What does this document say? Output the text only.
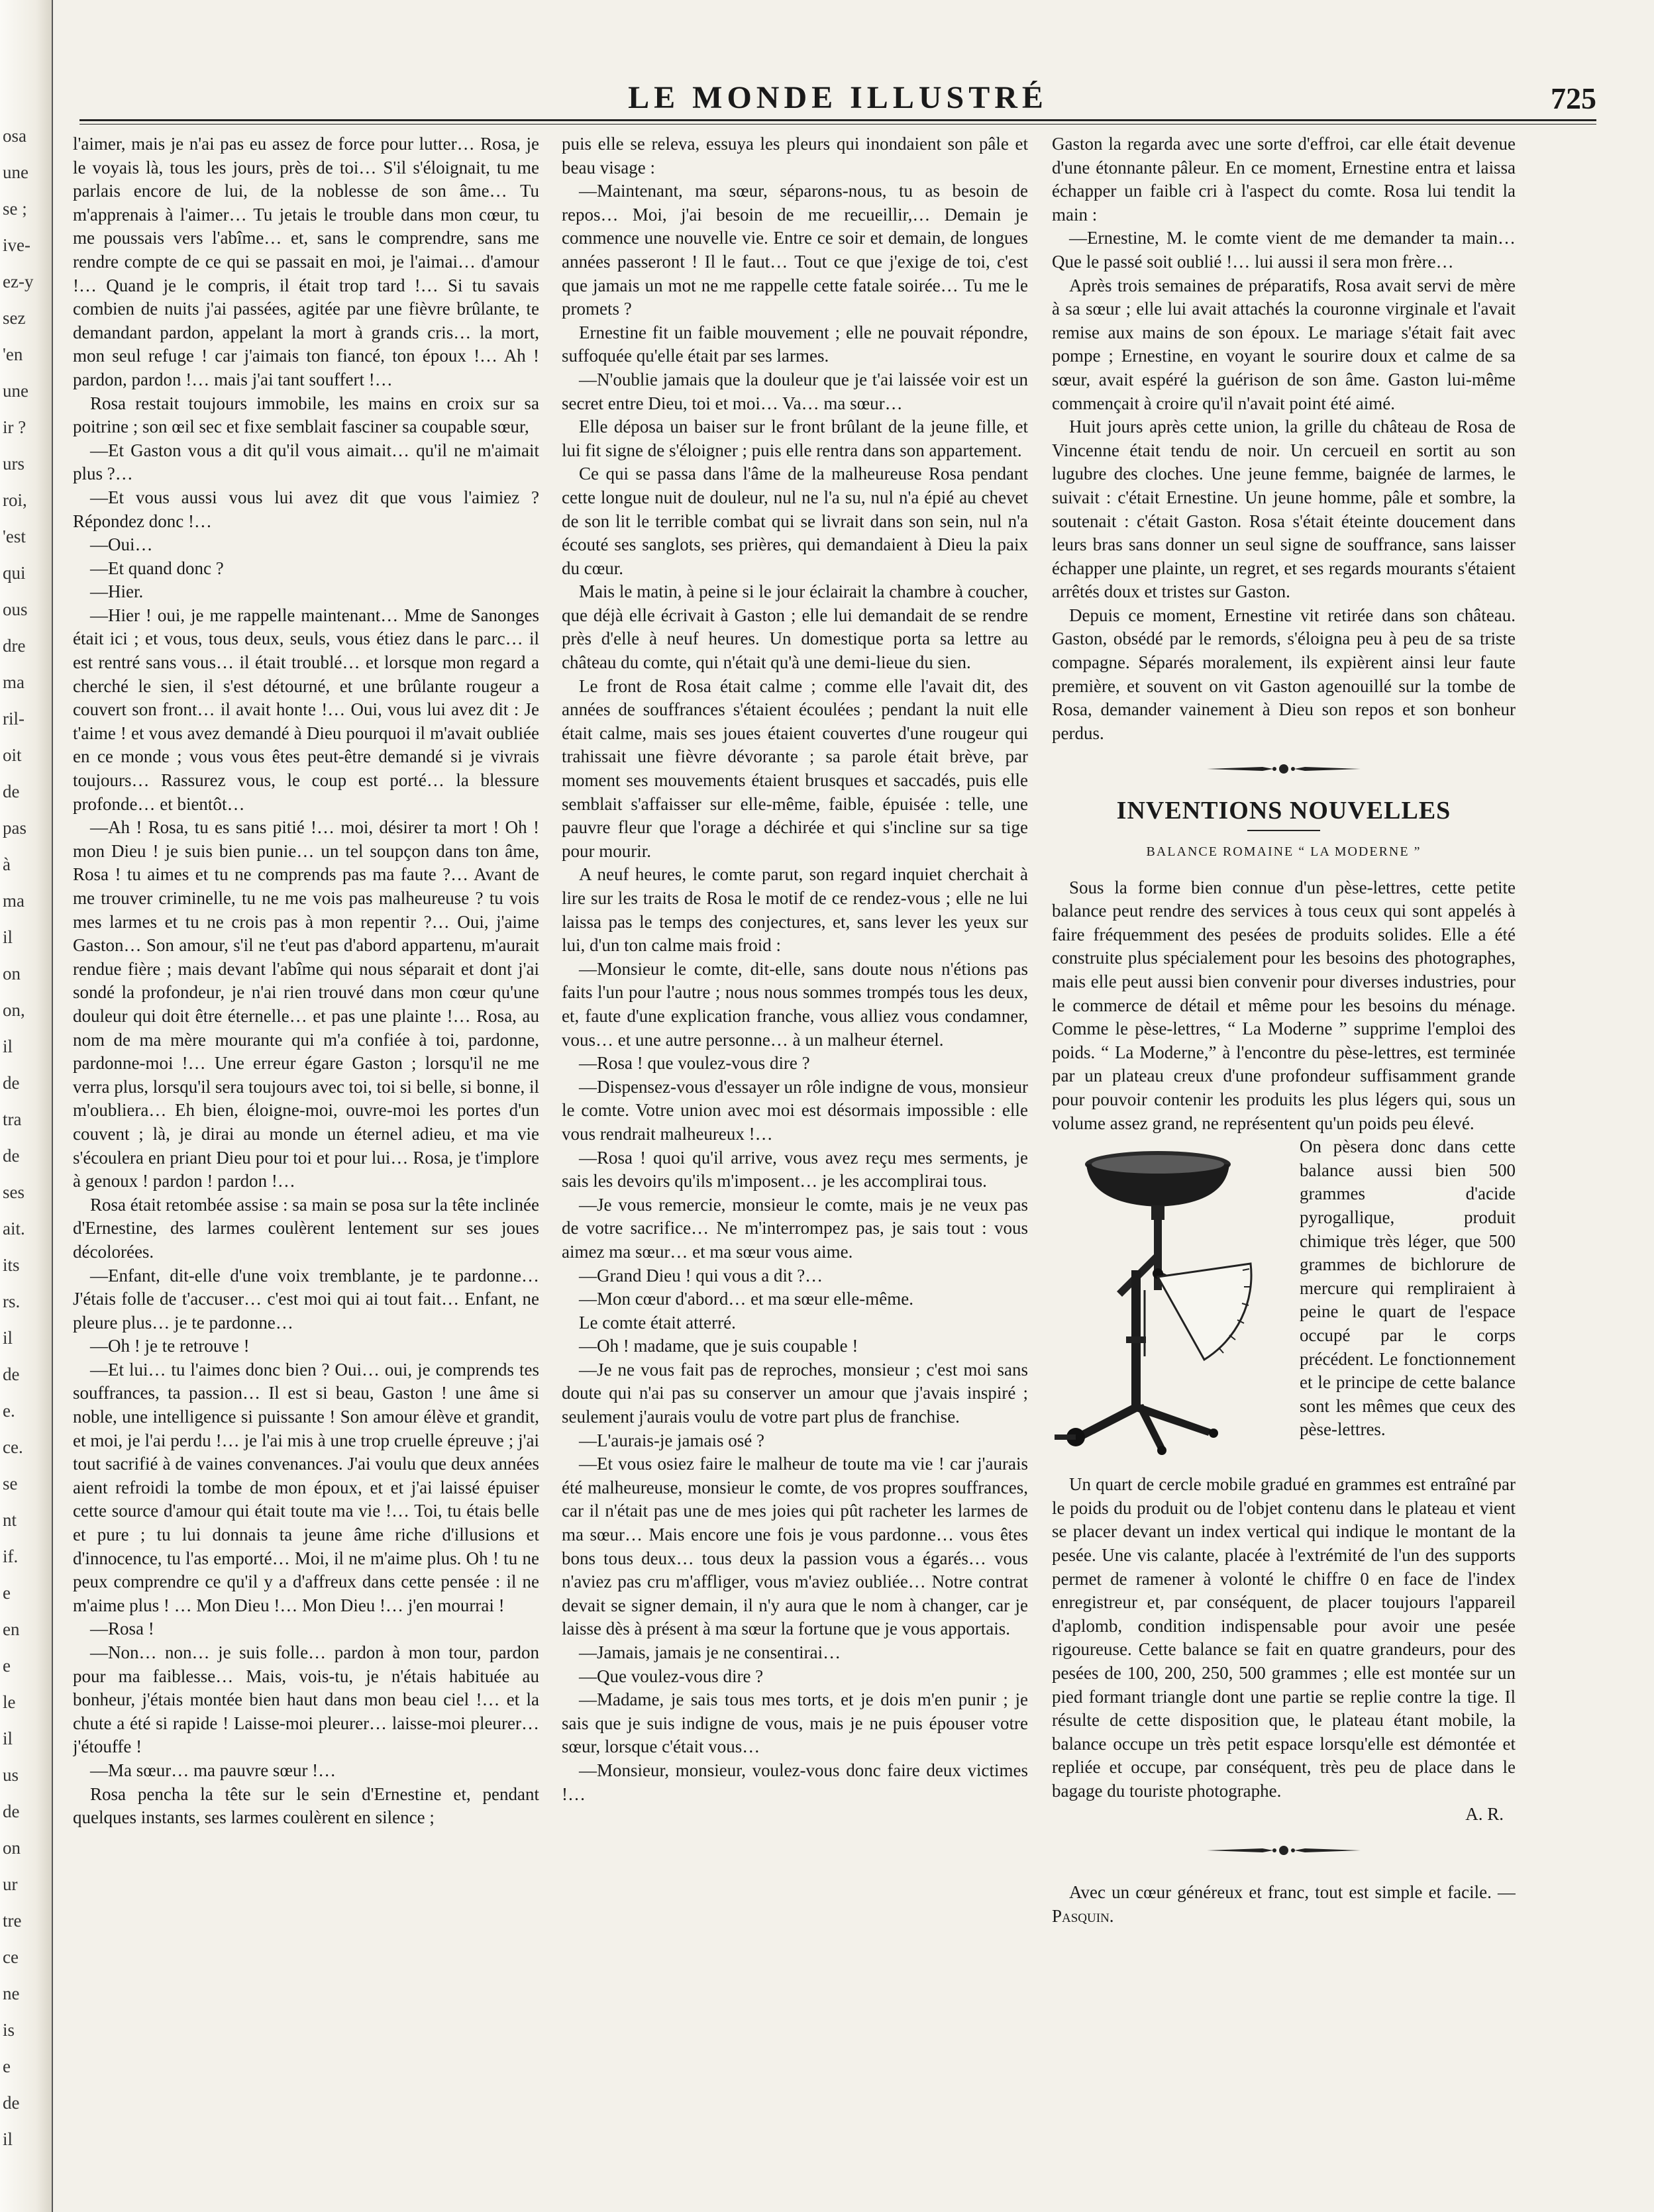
osa
une
se ;
ive-
ez-y
sez
'en
une
ir ?
urs
roi,
'est
qui
ous
dre
ma
ril-
oit
de
pas
à
ma
il
on
on,
il
de
tra
de
ses
ait.
its
rs.
il
de
e.
ce.
se
nt
if.
e
en
e
le
il
us
de
on
ur
tre
ce
ne
is
e
de
il
LE MONDE ILLUSTRÉ	725

l'aimer, mais je n'ai pas eu assez de force pour lutter… Rosa, je le voyais là, tous les jours, près de toi… S'il s'éloignait, tu me parlais encore de lui, de la noblesse de son âme… Tu m'apprenais à l'aimer… Tu jetais le trouble dans mon cœur, tu me poussais vers l'abîme… et, sans le comprendre, sans me rendre compte de ce qui se passait en moi, je l'aimai… d'amour !… Quand je le compris, il était trop tard !… Si tu savais combien de nuits j'ai passées, agitée par une fièvre brûlante, te demandant pardon, appelant la mort à grands cris… la mort, mon seul refuge ! car j'aimais ton fiancé, ton époux !… Ah ! pardon, pardon !… mais j'ai tant souffert !…

Rosa restait toujours immobile, les mains en croix sur sa poitrine ; son œil sec et fixe semblait fasciner sa coupable sœur,

—Et Gaston vous a dit qu'il vous aimait… qu'il ne m'aimait plus ?…

—Et vous aussi vous lui avez dit que vous l'aimiez ? Répondez donc !…

—Oui…

—Et quand donc ?

—Hier.

—Hier ! oui, je me rappelle maintenant… Mme de Sanonges était ici ; et vous, tous deux, seuls, vous étiez dans le parc… il est rentré sans vous… il était troublé… et lorsque mon regard a cherché le sien, il s'est détourné, et une brûlante rougeur a couvert son front… il avait honte !… Oui, vous lui avez dit : Je t'aime ! et vous avez demandé à Dieu pourquoi il m'avait oubliée en ce monde ; vous vous êtes peut-être demandé si je vivrais toujours… Rassurez vous, le coup est porté… la blessure profonde… et bientôt…

—Ah ! Rosa, tu es sans pitié !… moi, désirer ta mort ! Oh ! mon Dieu ! je suis bien punie… un tel soupçon dans ton âme, Rosa ! tu aimes et tu ne comprends pas ma faute ?… Avant de me trouver criminelle, tu ne me vois pas malheureuse ? tu vois mes larmes et tu ne crois pas à mon repentir ?… Oui, j'aime Gaston… Son amour, s'il ne t'eut pas d'abord appartenu, m'aurait rendue fière ; mais devant l'abîme qui nous séparait et dont j'ai sondé la profondeur, je n'ai rien trouvé dans mon cœur qu'une douleur qui doit être éternelle… et pas une plainte !… Rosa, au nom de ma mère mourante qui m'a confiée à toi, pardonne, pardonne-moi !… Une erreur égare Gaston ; lorsqu'il ne me verra plus, lorsqu'il sera toujours avec toi, toi si belle, si bonne, il m'oubliera… Eh bien, éloigne-moi, ouvre-moi les portes d'un couvent ; là, je dirai au monde un éternel adieu, et ma vie s'écoulera en priant Dieu pour toi et pour lui… Rosa, je t'implore à genoux ! pardon ! pardon !…

Rosa était retombée assise : sa main se posa sur la tête inclinée d'Ernestine, des larmes coulèrent lentement sur ses joues décolorées.

—Enfant, dit-elle d'une voix tremblante, je te pardonne… J'étais folle de t'accuser… c'est moi qui ai tout fait… Enfant, ne pleure plus… je te pardonne…

—Oh ! je te retrouve !

—Et lui… tu l'aimes donc bien ? Oui… oui, je comprends tes souffrances, ta passion… Il est si beau, Gaston ! une âme si noble, une intelligence si puissante ! Son amour élève et grandit, et moi, je l'ai perdu !… je l'ai mis à une trop cruelle épreuve ; j'ai tout sacrifié à de vaines convenances. J'ai voulu que deux années aient refroidi la tombe de mon époux, et et j'ai laissé épuiser cette source d'amour qui était toute ma vie !… Toi, tu étais belle et pure ; tu lui donnais ta jeune âme riche d'illusions et d'innocence, tu l'as emporté… Moi, il ne m'aime plus. Oh ! tu ne peux comprendre ce qu'il y a d'affreux dans cette pensée : il ne m'aime plus ! … Mon Dieu !… Mon Dieu !… j'en mourrai !

—Rosa !

—Non… non… je suis folle… pardon à mon tour, pardon pour ma faiblesse… Mais, vois-tu, je n'étais habituée au bonheur, j'étais montée bien haut dans mon beau ciel !… et la chute a été si rapide ! Laisse-moi pleurer… laisse-moi pleurer… j'étouffe !

—Ma sœur… ma pauvre sœur !…

Rosa pencha la tête sur le sein d'Ernestine et, pendant quelques instants, ses larmes coulèrent en silence ;

puis elle se releva, essuya les pleurs qui inondaient son pâle et beau visage :

—Maintenant, ma sœur, séparons-nous, tu as besoin de repos… Moi, j'ai besoin de me recueillir,… Demain je commence une nouvelle vie. Entre ce soir et demain, de longues années passeront ! Il le faut… Tout ce que j'exige de toi, c'est que jamais un mot ne me rappelle cette fatale soirée… Tu me le promets ?

Ernestine fit un faible mouvement ; elle ne pouvait répondre, suffoquée qu'elle était par ses larmes.

—N'oublie jamais que la douleur que je t'ai laissée voir est un secret entre Dieu, toi et moi… Va… ma sœur…

Elle déposa un baiser sur le front brûlant de la jeune fille, et lui fit signe de s'éloigner ; puis elle rentra dans son appartement.

Ce qui se passa dans l'âme de la malheureuse Rosa pendant cette longue nuit de douleur, nul ne l'a su, nul n'a épié au chevet de son lit le terrible combat qui se livrait dans son sein, nul n'a écouté ses sanglots, ses prières, qui demandaient à Dieu la paix du cœur.

Mais le matin, à peine si le jour éclairait la chambre à coucher, que déjà elle écrivait à Gaston ; elle lui demandait de se rendre près d'elle à neuf heures. Un domestique porta sa lettre au château du comte, qui n'était qu'à une demi-lieue du sien.

Le front de Rosa était calme ; comme elle l'avait dit, des années de souffrances s'étaient écoulées ; pendant la nuit elle était calme, mais ses joues étaient couvertes d'une rougeur qui trahissait une fièvre dévorante ; sa parole était brève, par moment ses mouvements étaient brusques et saccadés, puis elle semblait s'affaisser sur elle-même, faible, épuisée : telle, une pauvre fleur que l'orage a déchirée et qui s'incline sur sa tige pour mourir.

A neuf heures, le comte parut, son regard inquiet cherchait à lire sur les traits de Rosa le motif de ce rendez-vous ; elle ne lui laissa pas le temps des conjectures, et, sans lever les yeux sur lui, d'un ton calme mais froid :

—Monsieur le comte, dit-elle, sans doute nous n'étions pas faits l'un pour l'autre ; nous nous sommes trompés tous les deux, et, faute d'une explication franche, vous alliez vous condamner, vous… et une autre personne… à un malheur éternel.

—Rosa ! que voulez-vous dire ?

—Dispensez-vous d'essayer un rôle indigne de vous, monsieur le comte. Votre union avec moi est désormais impossible : elle vous rendrait malheureux !…

—Rosa ! quoi qu'il arrive, vous avez reçu mes serments, je sais les devoirs qu'ils m'imposent… je les accomplirai tous.

—Je vous remercie, monsieur le comte, mais je ne veux pas de votre sacrifice… Ne m'interrompez pas, je sais tout : vous aimez ma sœur… et ma sœur vous aime.

—Grand Dieu ! qui vous a dit ?…

—Mon cœur d'abord… et ma sœur elle-même.

Le comte était atterré.

—Oh ! madame, que je suis coupable !

—Je ne vous fait pas de reproches, monsieur ; c'est moi sans doute qui n'ai pas su conserver un amour que j'avais inspiré ; seulement j'aurais voulu de votre part plus de franchise.

—L'aurais-je jamais osé ?

—Et vous osiez faire le malheur de toute ma vie ! car j'aurais été malheureuse, monsieur le comte, de vos propres souffrances, car il n'était pas une de mes joies qui pût racheter les larmes de ma sœur… Mais encore une fois je vous pardonne… vous êtes bons tous deux… tous deux la passion vous a égarés… vous n'aviez pas cru m'affliger, vous m'aviez oubliée… Notre contrat devait se signer demain, il n'y aura que le nom à changer, car je laisse dès à présent à ma sœur la fortune que je vous apportais.

—Jamais, jamais je ne consentirai…

—Que voulez-vous dire ?

—Madame, je sais tous mes torts, et je dois m'en punir ; je sais que je suis indigne de vous, mais je ne puis épouser votre sœur, lorsque c'était vous…

—Monsieur, monsieur, voulez-vous donc faire deux victimes !…

Gaston la regarda avec une sorte d'effroi, car elle était devenue d'une étonnante pâleur. En ce moment, Ernestine entra et laissa échapper un faible cri à l'aspect du comte. Rosa lui tendit la main :

—Ernestine, M. le comte vient de me demander ta main… Que le passé soit oublié !… lui aussi il sera mon frère…

Après trois semaines de préparatifs, Rosa avait servi de mère à sa sœur ; elle lui avait attachés la couronne virginale et l'avait remise aux mains de son époux. Le mariage s'était fait avec pompe ; Ernestine, en voyant le sourire doux et calme de sa sœur, avait espéré la guérison de son âme. Gaston lui-même commençait à croire qu'il n'avait point été aimé.

Huit jours après cette union, la grille du château de Rosa de Vincenne était tendu de noir. Un cercueil en sortit au son lugubre des cloches. Une jeune femme, baignée de larmes, le suivait : c'était Ernestine. Un jeune homme, pâle et sombre, la soutenait : c'était Gaston. Rosa s'était éteinte doucement dans leurs bras sans donner un seul signe de souffrance, sans laisser échapper une plainte, un regret, et ses regards mourants s'étaient arrêtés doux et tristes sur Gaston.

Depuis ce moment, Ernestine vit retirée dans son château. Gaston, obsédé par le remords, s'éloigna peu à peu de sa triste compagne. Séparés moralement, ils expièrent ainsi leur faute première, et souvent on vit Gaston agenouillé sur la tombe de Rosa, demander vainement à Dieu son repos et son bonheur perdus.

INVENTIONS NOUVELLES
BALANCE ROMAINE “ LA MODERNE ”

Sous la forme bien connue d'un pèse-lettres, cette petite balance peut rendre des services à tous ceux qui sont appelés à faire fréquemment des pesées de produits solides. Elle a été construite plus spécialement pour les besoins des photographes, mais elle peut aussi bien convenir pour diverses industries, pour le commerce de détail et même pour les besoins du ménage. Comme le pèse-lettres, “ La Moderne ” supprime l'emploi des poids. “ La Moderne,” à l'encontre du pèse-lettres, est terminée par un plateau creux d'une profondeur suffisamment grande pour pouvoir contenir les produits les plus légers qui, sous un volume assez grand, ne représentent qu'un poids peu élevé.

On pèsera donc dans cette balance aussi bien 500 grammes d'acide pyrogallique, produit chimique très léger, que 500 grammes de bichlorure de mercure qui rempliraient à peine le quart de l'espace occupé par le corps précédent. Le fonctionnement et le principe de cette balance sont les mêmes que ceux des pèse-lettres.

Un quart de cercle mobile gradué en grammes est entraîné par le poids du produit ou de l'objet contenu dans le plateau et vient se placer devant un index vertical qui indique le montant de la pesée. Une vis calante, placée à l'extrémité de l'un des supports permet de ramener à volonté le chiffre 0 en face de l'index enregistreur et, par conséquent, de placer toujours l'appareil d'aplomb, condition indispensable pour avoir une pesée rigoureuse. Cette balance se fait en quatre grandeurs, pour des pesées de 100, 200, 250, 500 grammes ; elle est montée sur un pied formant triangle dont une partie se replie contre la tige. Il résulte de cette disposition que, le plateau étant mobile, la balance occupe un très petit espace lorsqu'elle est démontée et repliée et occupe, par conséquent, très peu de place dans le bagage du touriste photographe.

A. R.

Avec un cœur généreux et franc, tout est simple et facile. —Pasquin.
